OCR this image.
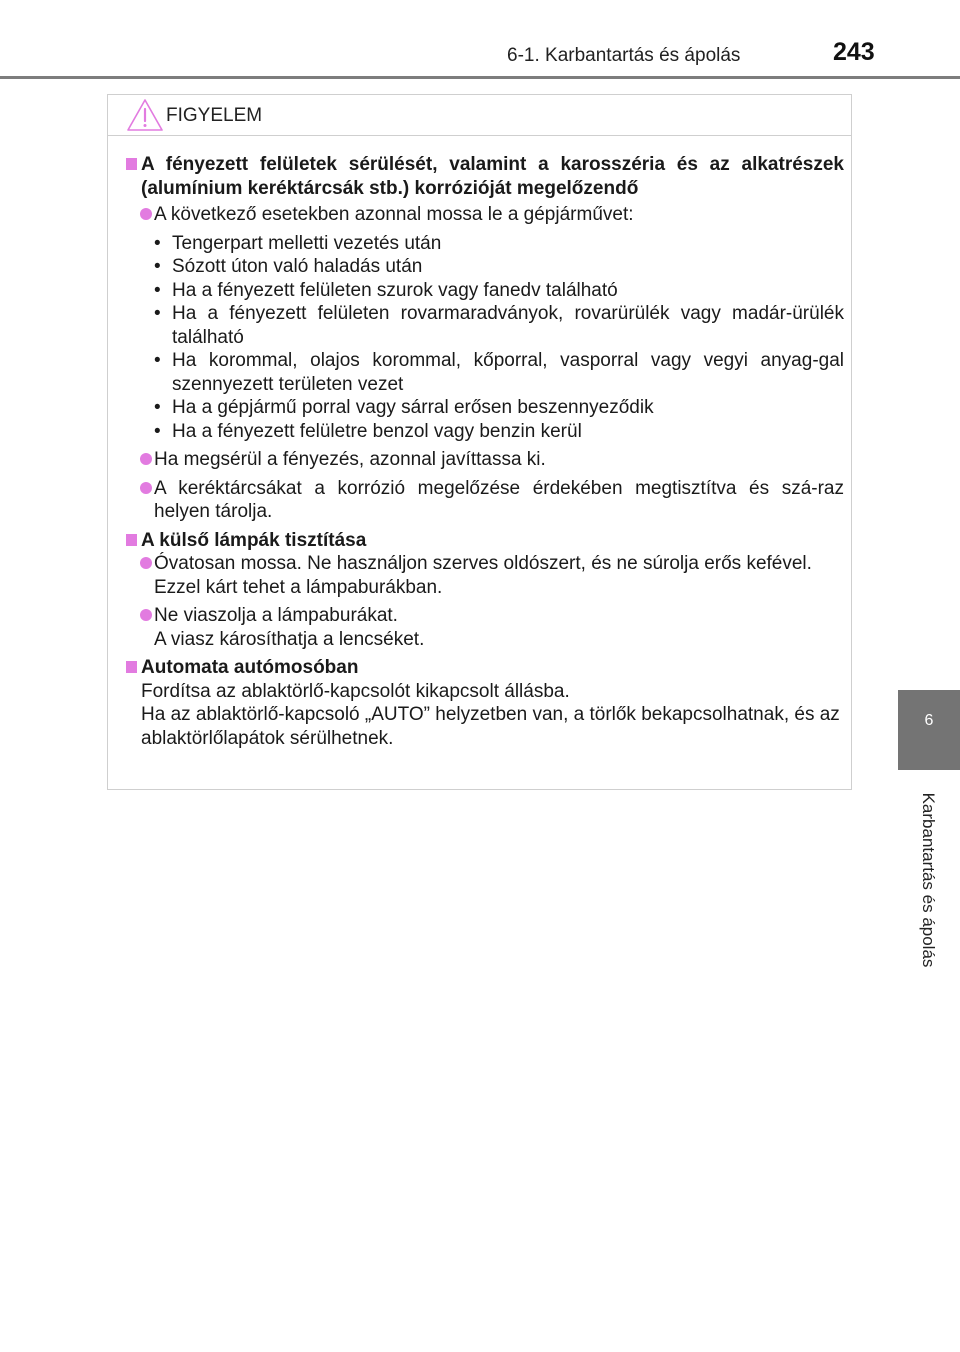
6-1. Karbantartás és ápolás	243
6
Karbantartás és ápolás
FIGYELEM
A fényezett felületek sérülését, valamint a karosszéria és az alkatrészek (alumínium keréktárcsák stb.) korrózióját megelőzendő
A következő esetekben azonnal mossa le a gépjárművet:
• Tengerpart melletti vezetés után
• Sózott úton való haladás után
• Ha a fényezett felületen szurok vagy fanedv található
• Ha a fényezett felületen rovarmaradványok, rovarürülék vagy madár-ürülék található
• Ha korommal, olajos korommal, kőporral, vasporral vagy vegyi anyag-gal szennyezett területen vezet
• Ha a gépjármű porral vagy sárral erősen beszennyeződik
• Ha a fényezett felületre benzol vagy benzin kerül
Ha megsérül a fényezés, azonnal javíttassa ki.
A keréktárcsákat a korrózió megelőzése érdekében megtisztítva és szá-raz helyen tárolja.
A külső lámpák tisztítása
Óvatosan mossa. Ne használjon szerves oldószert, és ne súrolja erős kefével.
Ezzel kárt tehet a lámpaburákban.
Ne viaszolja a lámpaburákat.
A viasz károsíthatja a lencséket.
Automata autómosóban
Fordítsa az ablaktörlő-kapcsolót kikapcsolt állásba.
Ha az ablaktörlő-kapcsoló „AUTO” helyzetben van, a törlők bekapcsolhatnak, és az ablaktörlőlapátok sérülhetnek.
